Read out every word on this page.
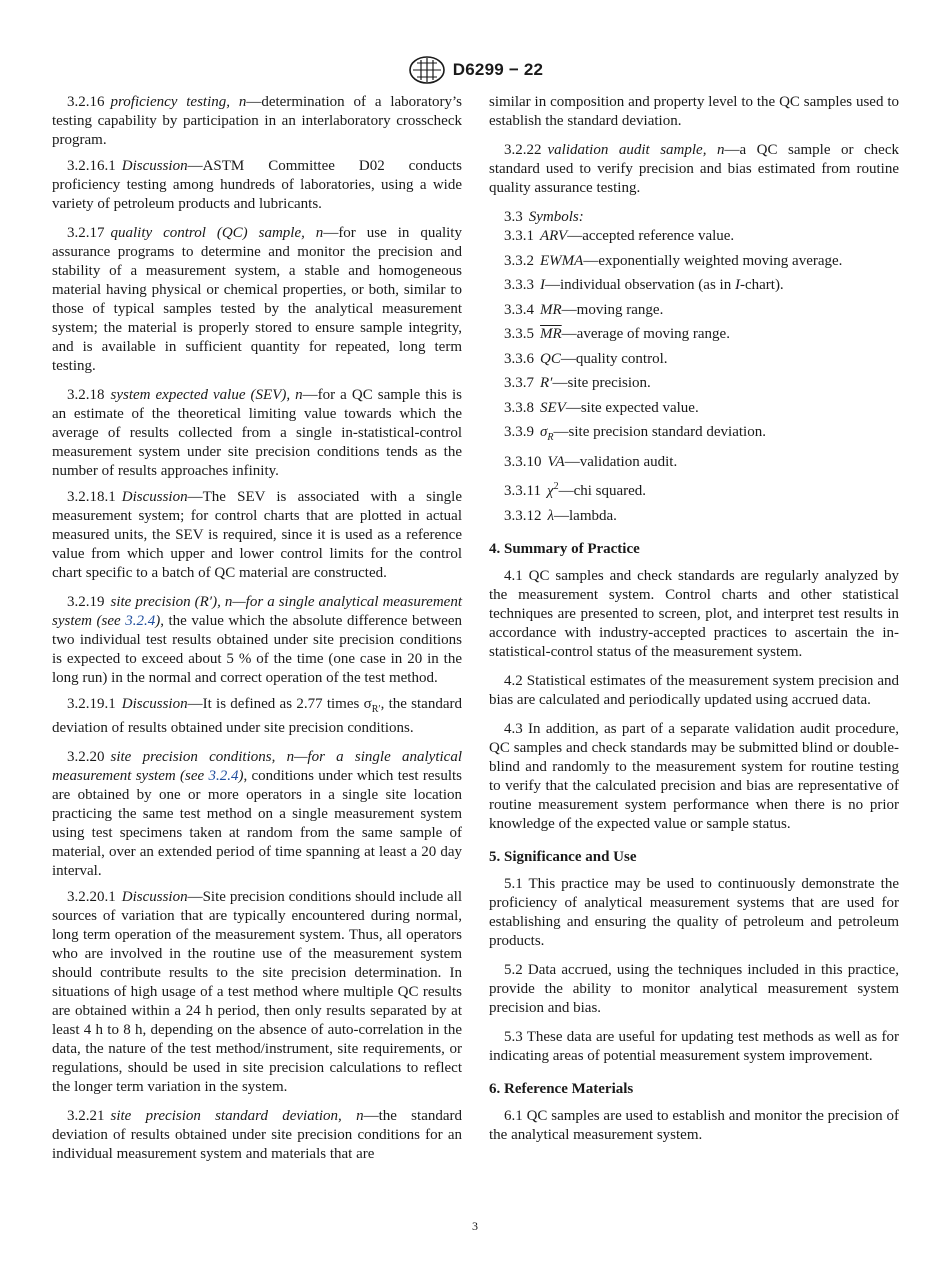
D6299 − 22

3.2.16 proficiency testing, n—determination of a laboratory’s testing capability by participation in an interlaboratory crosscheck program.

3.2.16.1 Discussion—ASTM Committee D02 conducts proficiency testing among hundreds of laboratories, using a wide variety of petroleum products and lubricants.

3.2.17 quality control (QC) sample, n—for use in quality assurance programs to determine and monitor the precision and stability of a measurement system, a stable and homogeneous material having physical or chemical properties, or both, similar to those of typical samples tested by the analytical measurement system; the material is properly stored to ensure sample integrity, and is available in sufficient quantity for repeated, long term testing.

3.2.18 system expected value (SEV), n—for a QC sample this is an estimate of the theoretical limiting value towards which the average of results collected from a single in-statistical-control measurement system under site precision conditions tends as the number of results approaches infinity.

3.2.18.1 Discussion—The SEV is associated with a single measurement system; for control charts that are plotted in actual measured units, the SEV is required, since it is used as a reference value from which upper and lower control limits for the control chart specific to a batch of QC material are constructed.

3.2.19 site precision (R′), n—for a single analytical measurement system (see 3.2.4), the value which the absolute difference between two individual test results obtained under site precision conditions is expected to exceed about 5 % of the time (one case in 20 in the long run) in the normal and correct operation of the test method.

3.2.19.1 Discussion—It is defined as 2.77 times $\sigma_{R'}$, the standard deviation of results obtained under site precision conditions.

3.2.20 site precision conditions, n—for a single analytical measurement system (see 3.2.4), conditions under which test results are obtained by one or more operators in a single site location practicing the same test method on a single measurement system using test specimens taken at random from the same sample of material, over an extended period of time spanning at least a 20 day interval.

3.2.20.1 Discussion—Site precision conditions should include all sources of variation that are typically encountered during normal, long term operation of the measurement system. Thus, all operators who are involved in the routine use of the measurement system should contribute results to the site precision determination. In situations of high usage of a test method where multiple QC results are obtained within a 24 h period, then only results separated by at least 4 h to 8 h, depending on the absence of auto-correlation in the data, the nature of the test method/instrument, site requirements, or regulations, should be used in site precision calculations to reflect the longer term variation in the system.

3.2.21 site precision standard deviation, n—the standard deviation of results obtained under site precision conditions for an individual measurement system and materials that are

similar in composition and property level to the QC samples used to establish the standard deviation.

3.2.22 validation audit sample, n—a QC sample or check standard used to verify precision and bias estimated from routine quality assurance testing.

3.3 Symbols:

3.3.1 ARV—accepted reference value.

3.3.2 EWMA—exponentially weighted moving average.

3.3.3 I—individual observation (as in I-chart).

3.3.4 MR—moving range.

3.3.5 $\overline{MR}—average$ of moving range.

3.3.6 QC—quality control.

3.3.7 R′—site precision.

3.3.8 SEV—site expected value.

3.3.9 $\sigma_R—site$ precision standard deviation.

3.3.10 VA—validation audit.

3.3.11 $\chi^2—chi$ squared.

3.3.12 λ—lambda.

4. Summary of Practice

4.1 QC samples and check standards are regularly analyzed by the measurement system. Control charts and other statistical techniques are presented to screen, plot, and interpret test results in accordance with industry-accepted practices to ascertain the in-statistical-control status of the measurement system.

4.2 Statistical estimates of the measurement system precision and bias are calculated and periodically updated using accrued data.

4.3 In addition, as part of a separate validation audit procedure, QC samples and check standards may be submitted blind or double-blind and randomly to the measurement system for routine testing to verify that the calculated precision and bias are representative of routine measurement system performance when there is no prior knowledge of the expected value or sample status.

5. Significance and Use

5.1 This practice may be used to continuously demonstrate the proficiency of analytical measurement systems that are used for establishing and ensuring the quality of petroleum and petroleum products.

5.2 Data accrued, using the techniques included in this practice, provide the ability to monitor analytical measurement system precision and bias.

5.3 These data are useful for updating test methods as well as for indicating areas of potential measurement system improvement.

6. Reference Materials

6.1 QC samples are used to establish and monitor the precision of the analytical measurement system.

3
